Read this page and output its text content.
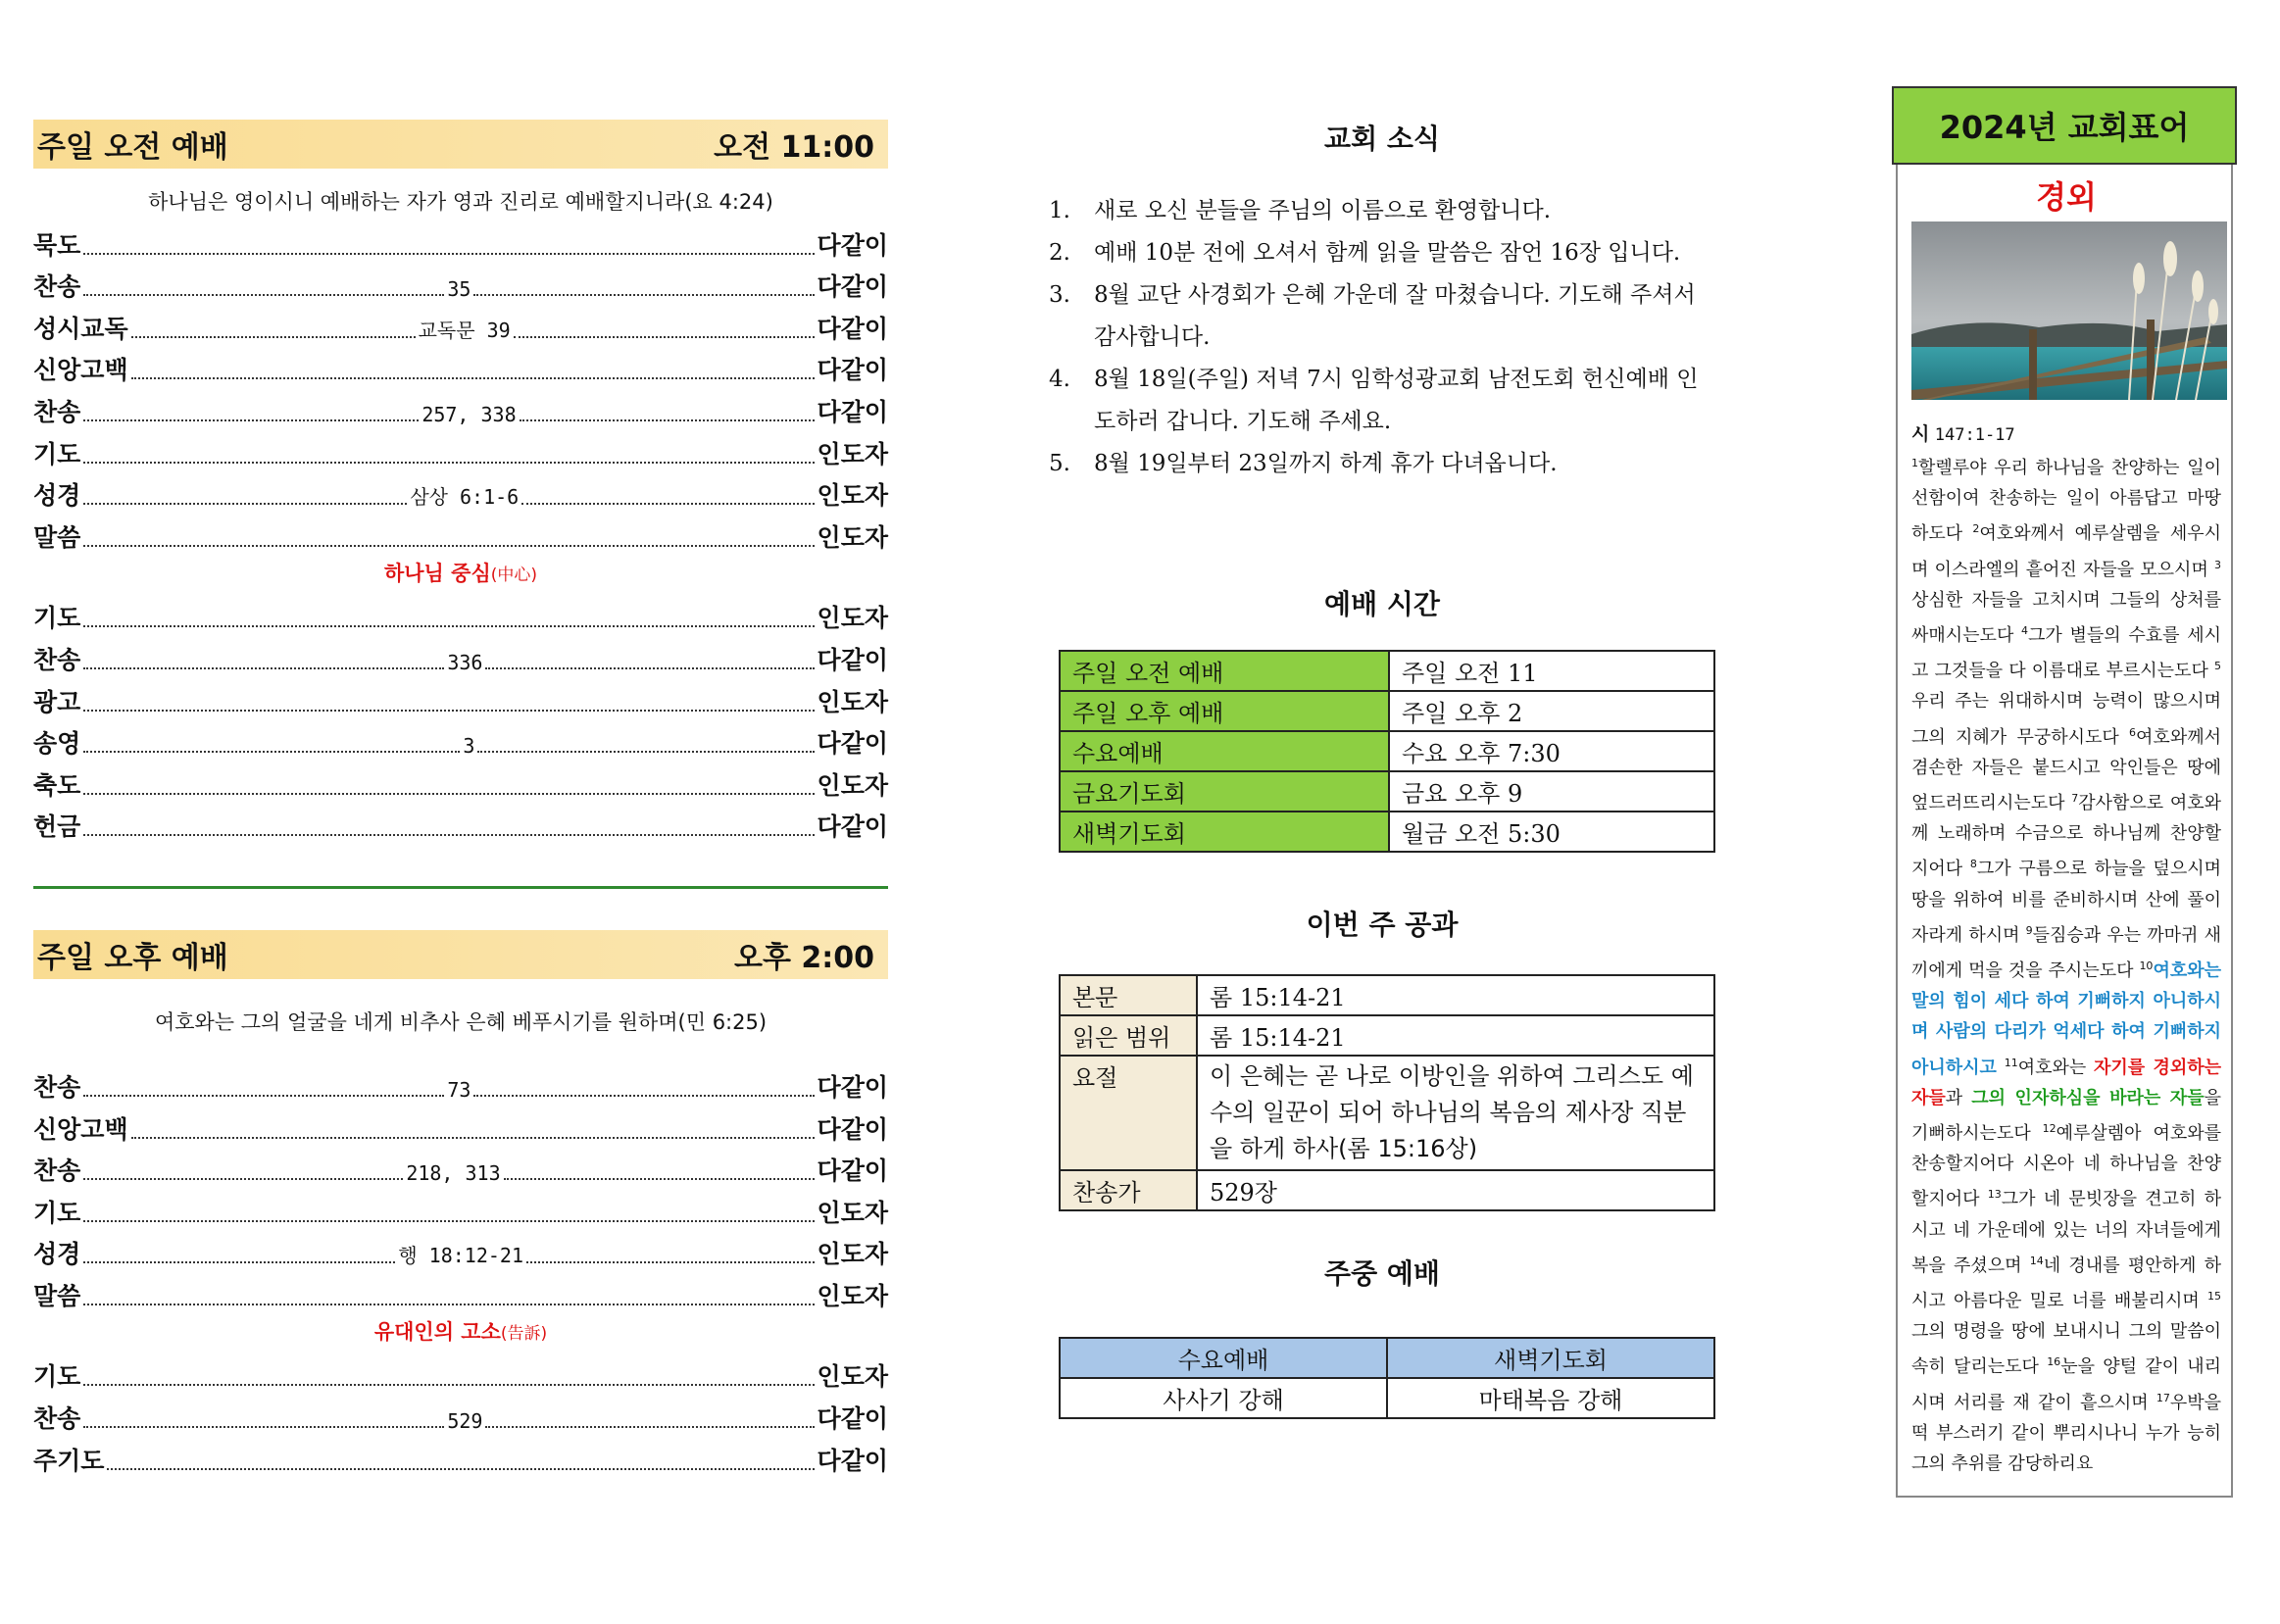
주일 오전 예배	오전 11:00
하나님은 영이시니 예배하는 자가 영과 진리로 예배할지니라(요 4:24)
묵도	다같이
찬송	35	다같이
성시교독	교독문 39	다같이
신앙고백	다같이
찬송	257, 338	다같이
기도	인도자
성경	삼상 6:1-6	인도자
말씀	인도자
하나님 중심(中心)
기도	인도자
찬송	336	다같이
광고	인도자
송영	3	다같이
축도	인도자
헌금	다같이
주일 오후 예배	오후 2:00
여호와는 그의 얼굴을 네게 비추사 은혜 베푸시기를 원하며(민 6:25)
찬송	73	다같이
신앙고백	다같이
찬송	218, 313	다같이
기도	인도자
성경	행 18:12-21	인도자
말씀	인도자
유대인의 고소(告訴)
기도	인도자
찬송	529	다같이
주기도	다같이
교회 소식
1.	새로 오신 분들을 주님의 이름으로 환영합니다.
2.	예배 10분 전에 오셔서 함께 읽을 말씀은 잠언 16장 입니다.
3.	8월 교단 사경회가 은혜 가운데 잘 마쳤습니다. 기도해 주셔서 감사합니다.
4.	8월 18일(주일) 저녁 7시 임학성광교회 남전도회 헌신예배 인도하러 갑니다. 기도해 주세요.
5.	8월 19일부터 23일까지 하계 휴가 다녀옵니다.
예배 시간
주일 오전 예배	주일 오전 11
주일 오후 예배	주일 오후 2
수요예배	수요 오후 7:30
금요기도회	금요 오후 9
새벽기도회	월금 오전 5:30
이번 주 공과
본문	롬 15:14-21
읽은 범위	롬 15:14-21
요절	이 은혜는 곧 나로 이방인을 위하여 그리스도 예수의 일꾼이 되어 하나님의 복음의 제사장 직분을 하게 하사(롬 15:16상)
찬송가	529장
주중 예배
수요예배	새벽기도회
사사기 강해	마태복음 강해
2024년 교회표어
경외
시 147:1-17
$^1$할렐루야 우리 하나님을 찬양하는 일이 선함이여 찬송하는 일이 아름답고 마땅하도다 $^2$여호와께서 예루살렘을 세우시며 이스라엘의 흩어진 자들을 모으시며 $^3$상심한 자들을 고치시며 그들의 상처를 싸매시는도다 $^4$그가 별들의 수효를 세시고 그것들을 다 이름대로 부르시는도다 $^5$우리 주는 위대하시며 능력이 많으시며 그의 지혜가 무궁하시도다 $^6$여호와께서 겸손한 자들은 붙드시고 악인들은 땅에 엎드러뜨리시는도다 $^7$감사함으로 여호와께 노래하며 수금으로 하나님께 찬양할지어다 $^8$그가 구름으로 하늘을 덮으시며 땅을 위하여 비를 준비하시며 산에 풀이 자라게 하시며 $^9$들짐승과 우는 까마귀 새끼에게 먹을 것을 주시는도다 $^{10}$여호와는 말의 힘이 세다 하여 기뻐하지 아니하시며 사람의 다리가 억세다 하여 기뻐하지 아니하시고 $^{11}$여호와는 자기를 경외하는 자들과 그의 인자하심을 바라는 자들을 기뻐하시는도다 $^{12}$예루살렘아 여호와를 찬송할지어다 시온아 네 하나님을 찬양할지어다 $^{13}$그가 네 문빗장을 견고히 하시고 네 가운데에 있는 너의 자녀들에게 복을 주셨으며 $^{14}$네 경내를 평안하게 하시고 아름다운 밀로 너를 배불리시며 $^{15}$그의 명령을 땅에 보내시니 그의 말씀이 속히 달리는도다 $^{16}$눈을 양털 같이 내리시며 서리를 재 같이 흩으시며 $^{17}$우박을 떡 부스러기 같이 뿌리시나니 누가 능히 그의 추위를 감당하리요
